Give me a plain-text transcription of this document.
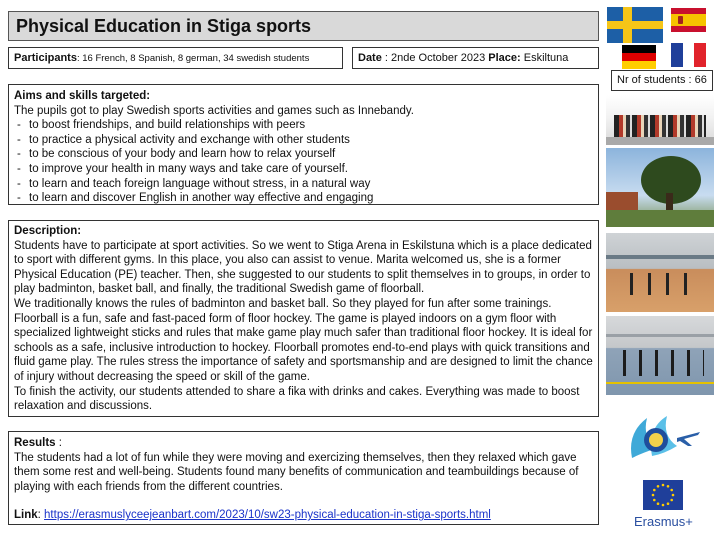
Physical Education in Stiga sports
Participants: 16 French, 8 Spanish, 8 german, 34 swedish students	Date : 2nde October 2023 Place: Eskiltuna
Nr of students : 66
Aims and skills targeted:
The pupils got to play Swedish sports activities and games such as Innebandy.
- to boost friendships, and build relationships with peers
- to practice a physical activity and exchange with other students
- to be conscious of your body and learn how to relax yourself
- to improve your health in many ways and take care of yourself.
- to learn and teach foreign language without stress, in a natural way
- to learn and discover English in another way effective and engaging
Description:
Students have to participate at sport activities. So we went to Stiga Arena in Eskilstuna which is a place dedicated to sport with different gyms. In this place, you also can assist to venue. Marita welcomed us, she is a former Physical Education (PE) teacher. Then, she suggested to our students to split themselves in to groups, in order to play badminton, basket ball, and finally, the traditional Swedish game of floorball.
We traditionally knows the rules of badminton and basket ball. So they played for fun after some trainings.
Floorball is a fun, safe and fast-paced form of floor hockey. The game is played indoors on a gym floor with specialized lightweight sticks and rules that make game play much safer than traditional floor hockey. It is ideal for schools as a safe, inclusive introduction to hockey. Floorball promotes end-to-end plays with quick transitions and fluid game play. The rules stress the importance of safety and sportsmanship and are designed to limit the chance of injury without decreasing the speed or skill of the game.
To finish the activity, our students attended to share a fika with drinks and cakes. Everything was made to boost relaxation and discussions.
Results :
The students had a lot of fun while they were moving and exercizing themselves, then they relaxed which gave them some rest and well-being. Students found many benefits of communication and teambuildings because of playing with each friends from the different countries.
Link: https://erasmuslyceejeanbart.com/2023/10/sw23-physical-education-in-stiga-sports.html	Erasmus+
